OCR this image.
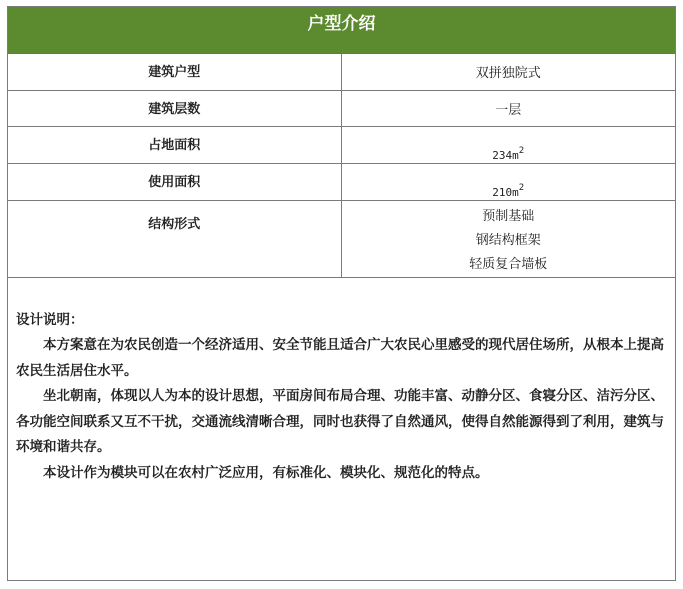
户型介绍
建筑户型	双拼独院式

建筑层数	一层

占地面积	$234m^2$

使用面积	$210m^2$

结构形式	预制基础
钢结构框架
轻质复合墙板
设计说明：

本方案意在为农民创造一个经济适用、安全节能且适合广大农民心里感受的现代居住场所，从根本上提高农民生活居住水平。

坐北朝南，体现以人为本的设计思想，平面房间布局合理、功能丰富、动静分区、食寝分区、洁污分区、各功能空间联系又互不干扰，交通流线清晰合理，同时也获得了自然通风，使得自然能源得到了利用，建筑与环境和谐共存。

本设计作为模块可以在农村广泛应用，有标准化、模块化、规范化的特点。
